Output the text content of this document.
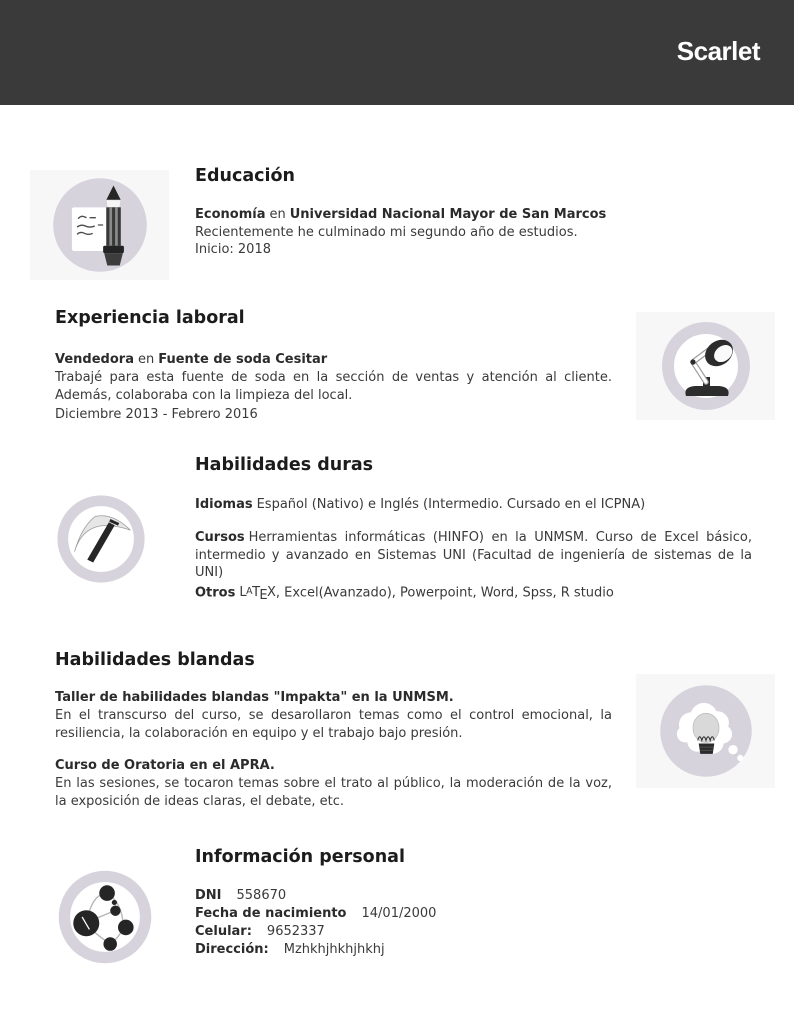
Scarlet
Educación
Economía en Universidad Nacional Mayor de San Marcos
Recientemente he culminado mi segundo año de estudios.
Inicio: 2018
Experiencia laboral
Vendedora en Fuente de soda Cesitar
Trabajé para esta fuente de soda en la sección de ventas y atención al cliente. Además, colaboraba con la limpieza del local.
Diciembre 2013 - Febrero 2016
Habilidades duras
Idiomas Español (Nativo) e Inglés (Intermedio. Cursado en el ICPNA)
Cursos Herramientas informáticas (HINFO) en la UNMSM. Curso de Excel básico, intermedio y avanzado en Sistemas UNI (Facultad de ingeniería de sistemas de la UNI)
Otros LATEX, Excel(Avanzado), Powerpoint, Word, Spss, R studio
Habilidades blandas
Taller de habilidades blandas "Impakta" en la UNMSM.
En el transcurso del curso, se desarollaron temas como el control emocional, la resiliencia, la colaboración en equipo y el trabajo bajo presión.
Curso de Oratoria en el APRA.
En las sesiones, se tocaron temas sobre el trato al público, la moderación de la voz, la exposición de ideas claras, el debate, etc.
Información personal
DNI 558670
Fecha de nacimiento 14/01/2000
Celular: 9652337
Dirección: Mzhkhjhkhjhkhj
